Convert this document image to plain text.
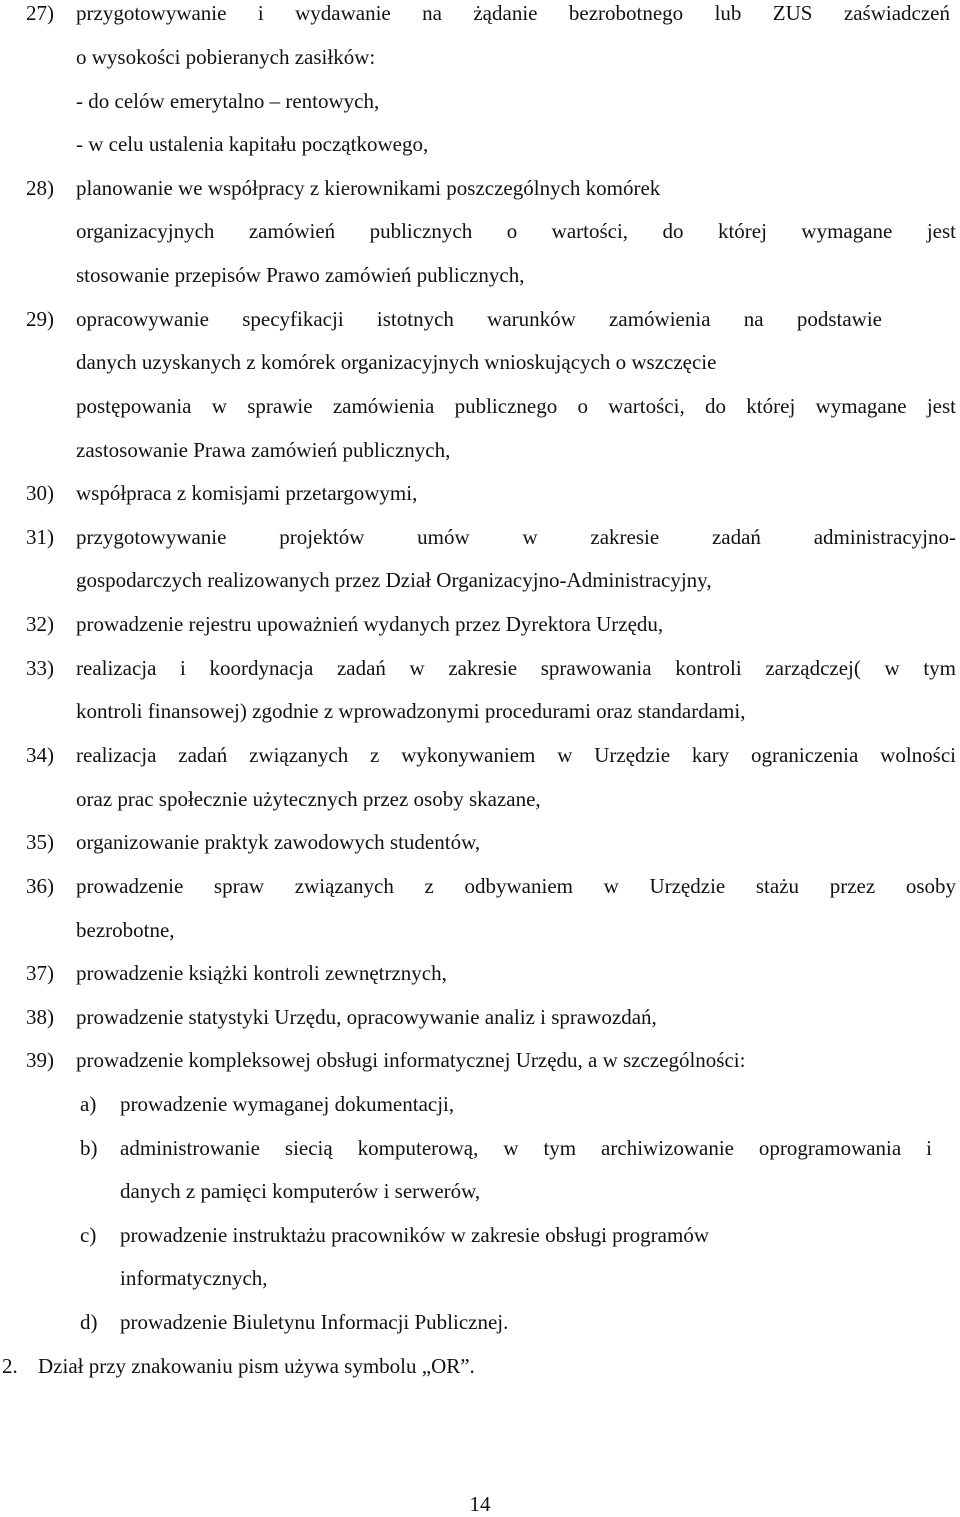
27) przygotowywanie i wydawanie na żądanie bezrobotnego lub ZUS zaświadczeń
o wysokości pobieranych zasiłków:
- do celów emerytalno – rentowych,
- w celu ustalenia kapitału początkowego,
28) planowanie we współpracy z kierownikami poszczególnych komórek
organizacyjnych zamówień publicznych o wartości, do której wymagane jest
stosowanie przepisów Prawo zamówień publicznych,
29) opracowywanie specyfikacji istotnych warunków zamówienia na podstawie
danych uzyskanych z komórek organizacyjnych wnioskujących o wszczęcie
postępowania w sprawie zamówienia publicznego o wartości, do której wymagane jest
zastosowanie Prawa zamówień publicznych,
30) współpraca z komisjami przetargowymi,
31) przygotowywanie projektów umów w zakresie zadań administracyjno-
gospodarczych realizowanych przez Dział Organizacyjno-Administracyjny,
32) prowadzenie rejestru upoważnień wydanych przez Dyrektora Urzędu,
33) realizacja i koordynacja zadań w zakresie sprawowania kontroli zarządczej( w tym
kontroli finansowej) zgodnie z wprowadzonymi procedurami oraz standardami,
34) realizacja zadań związanych z wykonywaniem w Urzędzie kary ograniczenia wolności
oraz prac społecznie użytecznych przez osoby skazane,
35) organizowanie praktyk zawodowych studentów,
36) prowadzenie spraw związanych z odbywaniem w Urzędzie stażu przez osoby
bezrobotne,
37) prowadzenie książki kontroli zewnętrznych,
38) prowadzenie statystyki Urzędu, opracowywanie analiz i sprawozdań,
39) prowadzenie kompleksowej obsługi informatycznej Urzędu, a w szczególności:
a) prowadzenie wymaganej dokumentacji,
b) administrowanie siecią komputerową, w tym archiwizowanie oprogramowania i
danych z pamięci komputerów i serwerów,
c) prowadzenie instruktażu pracowników w zakresie obsługi programów
informatycznych,
d) prowadzenie Biuletynu Informacji Publicznej.
2. Dział przy znakowaniu pism używa symbolu „OR”.
14
